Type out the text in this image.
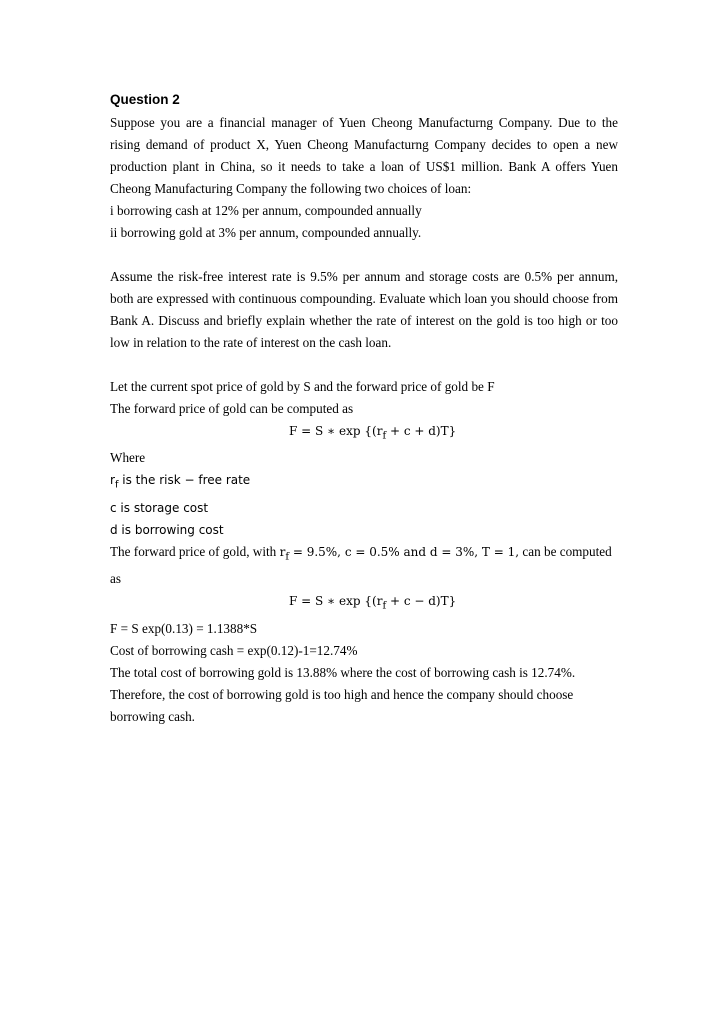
Question 2
Suppose you are a financial manager of Yuen Cheong Manufacturng Company. Due to the rising demand of product X, Yuen Cheong Manufacturng Company decides to open a new production plant in China, so it needs to take a loan of US$1 million. Bank A offers Yuen Cheong Manufacturing Company the following two choices of loan:
i borrowing cash at 12% per annum, compounded annually
ii borrowing gold at 3% per annum, compounded annually.
Assume the risk-free interest rate is 9.5% per annum and storage costs are 0.5% per annum, both are expressed with continuous compounding. Evaluate which loan you should choose from Bank A. Discuss and briefly explain whether the rate of interest on the gold is too high or too low in relation to the rate of interest on the cash loan.
Let the current spot price of gold by S and the forward price of gold be F
The forward price of gold can be computed as
F = S ∗ $\exp \{(r_f + c + d)T\}$
Where
$r_f$ is the risk − free rate
c is storage cost
d is borrowing cost
The forward price of gold, with $r_f = 9.5\%$, c = 0.5% and d = 3%, T = 1, can be computed
as
F = S ∗ $\exp \{(r_f + c - d)T\}$
F = S exp(0.13) = 1.1388*S
Cost of borrowing cash = exp(0.12)-1=12.74%
The total cost of borrowing gold is 13.88% where the cost of borrowing cash is 12.74%.
Therefore, the cost of borrowing gold is too high and hence the company should choose borrowing cash.
